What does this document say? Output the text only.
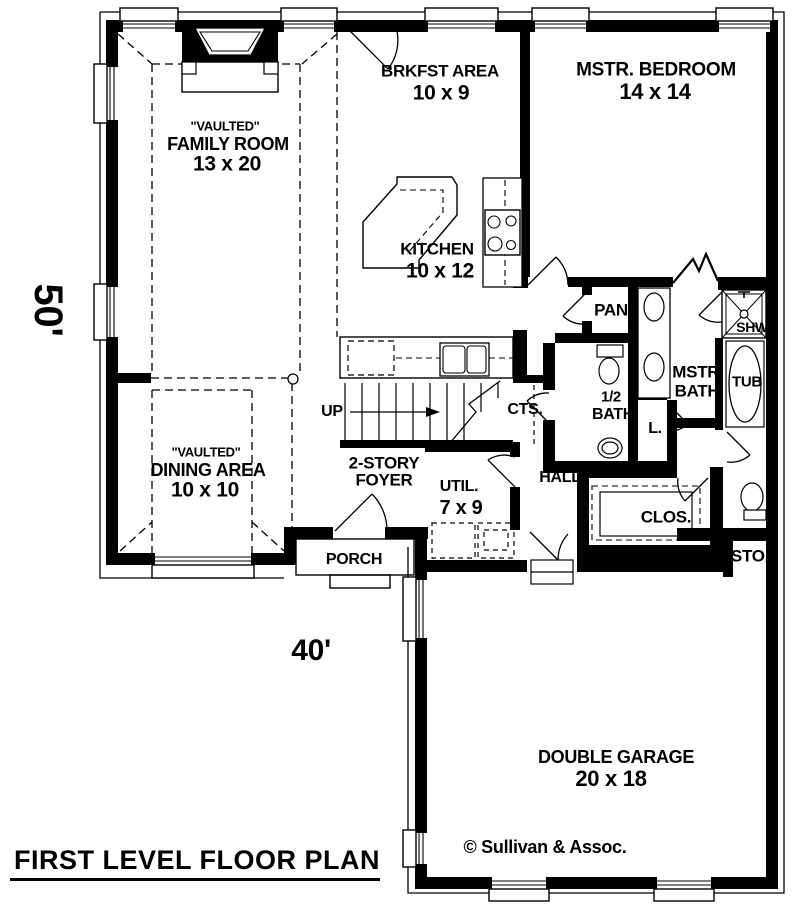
"VAULTED"
FAMILY ROOM
13 x 20
BRKFST AREA
10 x 9
MSTR. BEDROOM
14 x 14
KITCHEN
10 x 12
PAN
SHWR
TUB
MSTR.
BATH
1/2
BATH
L.
CTS.
HALL
UTIL.
7 x 9	CLOS.
STO.
2-STORY
FOYER
UP
"VAULTED"
DINING AREA
10 x 10
PORCH
DOUBLE GARAGE
20 x 18
40'
50'
© Sullivan & Assoc.
FIRST LEVEL FLOOR PLAN
